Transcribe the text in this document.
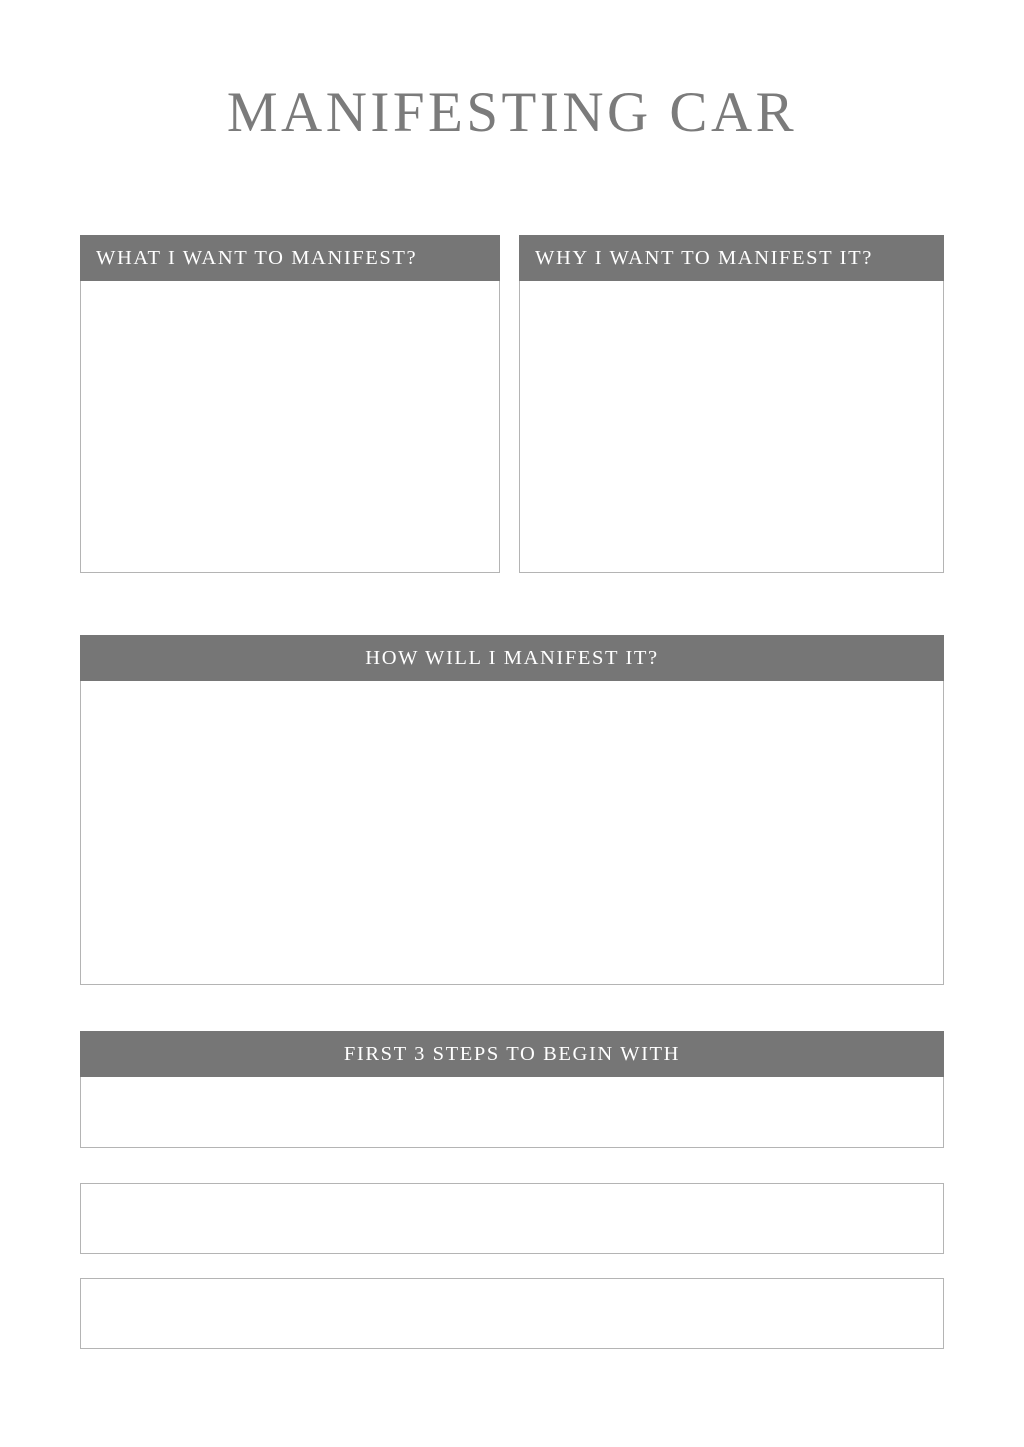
MANIFESTING CAR
WHAT I WANT TO MANIFEST?	WHY I WANT TO MANIFEST IT?
HOW WILL I MANIFEST IT?
FIRST 3 STEPS TO BEGIN WITH
